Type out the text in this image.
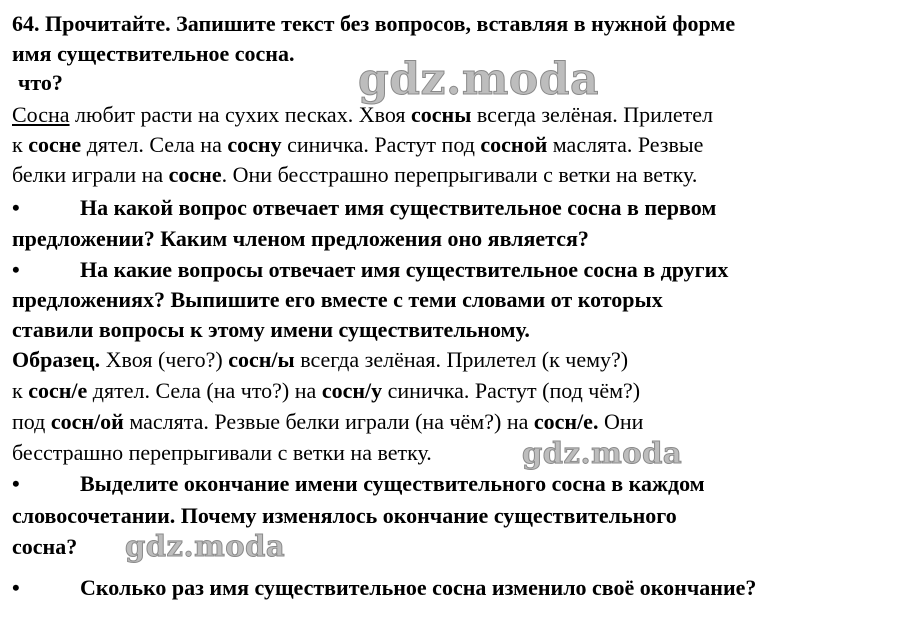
64. Прочитайте. Запишите текст без вопросов, вставляя в нужной форме
имя существительное сосна.
что?
Сосна любит расти на сухих песках. Хвоя сосны всегда зелёная. Прилетел
к сосне дятел. Села на сосну синичка. Растут под сосной маслята. Резвые
белки играли на сосне. Они бесстрашно перепрыгивали с ветки на ветку.
•	На какой вопрос отвечает имя существительное сосна в первом
предложении? Каким членом предложения оно является?
•	На какие вопросы отвечает имя существительное сосна в других
предложениях? Выпишите его вместе с теми словами от которых
ставили вопросы к этому имени существительному.
Образец. Хвоя (чего?) сосн/ы всегда зелёная. Прилетел (к чему?)
к сосн/е дятел. Села (на что?) на сосн/у синичка. Растут (под чём?)
под сосн/ой маслята. Резвые белки играли (на чём?) на сосн/е. Они
бесстрашно перепрыгивали с ветки на ветку.
•	Выделите окончание имени существительного сосна в каждом
словосочетании. Почему изменялось окончание существительного
сосна?
•	Сколько раз имя существительное сосна изменило своё окончание?
gdz.moda
gdz.moda
gdz.moda
